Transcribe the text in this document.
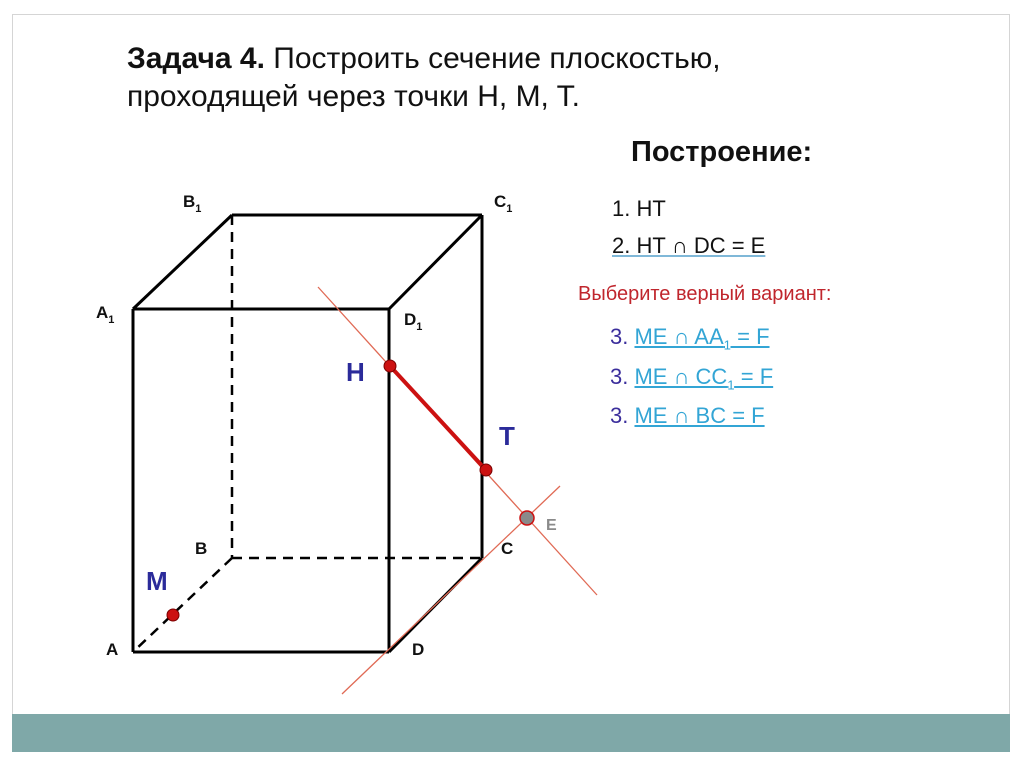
Задача 4. Построить сечение плоскостью,
проходящей через точки H, M, T.
Построение:
1. НТ
2. НТ ∩ DC = E
Выберите верный вариант:
3. ME ∩ $AA_1 = F$
3. ME ∩ $CC_1 = F$
3. ME ∩ BC = F
$B_1$	$C_1$
$A_1$	$D_1$
B	C
A	D
H
T
M
E
